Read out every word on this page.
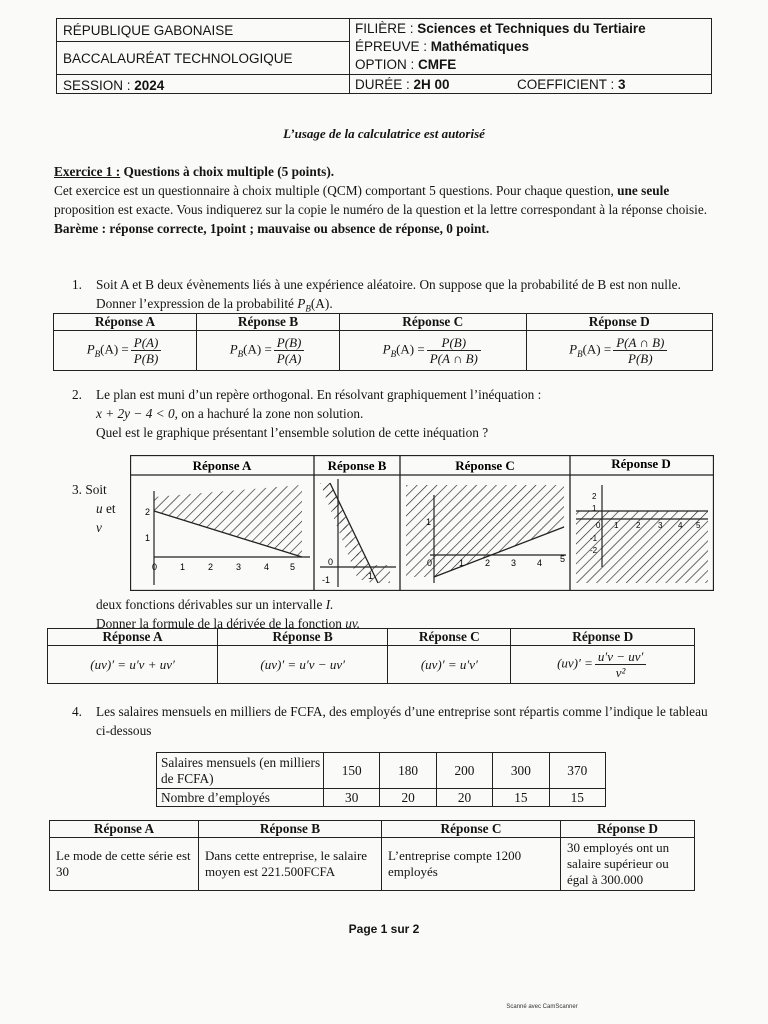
RÉPUBLIQUE GABONAISE
BACCALAURÉAT TECHNOLOGIQUE
SESSION : 2024
FILIÈRE : Sciences et Techniques du Tertiaire
ÉPREUVE : Mathématiques
OPTION : CMFE
DURÉE : 2H 00	COEFFICIENT : 3
L’usage de la calculatrice est autorisé
Exercice 1 : Questions à choix multiple (5 points).
Cet exercice est un questionnaire à choix multiple (QCM) comportant 5 questions. Pour chaque question, une seule proposition est exacte. Vous indiquerez sur la copie le numéro de la question et la lettre correspondant à la réponse choisie.
Barème : réponse correcte, 1point ; mauvaise ou absence de réponse, 0 point.
1. Soit A et B deux évènements liés à une expérience aléatoire. On suppose que la probabilité de B est non nulle. Donner l’expression de la probabilité $P_B(A)$.
Réponse A	Réponse B	Réponse C	Réponse D
$P_B(A) = \frac{P(A)}{P(B)}$	$P_B(A) = \frac{P(B)}{P(A)}$	$P_B(A) = \frac{P(B)}{P(A \cap B)}$	$P_B(A) = \frac{P(A \cap B)}{P(B)}$
2. Le plan est muni d’un repère orthogonal. En résolvant graphiquement l’inéquation :
x + 2y − 4 < 0, on a hachuré la zone non solution.
Quel est le graphique présentant l’ensemble solution de cette inéquation ?
Réponse A	Réponse B	Réponse C	Réponse D
0	1	2	3	4 5
1
2
0
1
-1
0	1 2 3 4 5
1	0 1 2 3 4 5
2
1
-1
-2
3. Soit
u et
v
deux fonctions dérivables sur un intervalle I.
Donner la formule de la dérivée de la fonction uv.
Réponse A	Réponse B	Réponse C	Réponse D
(uv)′ = u′v + uv′	(uv)′ = u′v − uv′	(uv)′ = u′v′	$(uv)' = \frac{u'v - uv'}{\text{v²}}$
4. Les salaires mensuels en milliers de FCFA, des employés d’une entreprise sont répartis comme l’indique le tableau ci-dessous
Salaires mensuels (en milliers de FCFA)	150	180	200	300	370
Nombre d’employés	30	20	20	15	15
Réponse A	Réponse B	Réponse C	Réponse D
Le mode de cette série est 30	Dans cette entreprise, le salaire moyen est 221.500FCFA	L’entreprise compte 1200 employés	30 employés ont un salaire supérieur ou égal à 300.000
Page 1 sur 2
Scanné avec CamScanner
